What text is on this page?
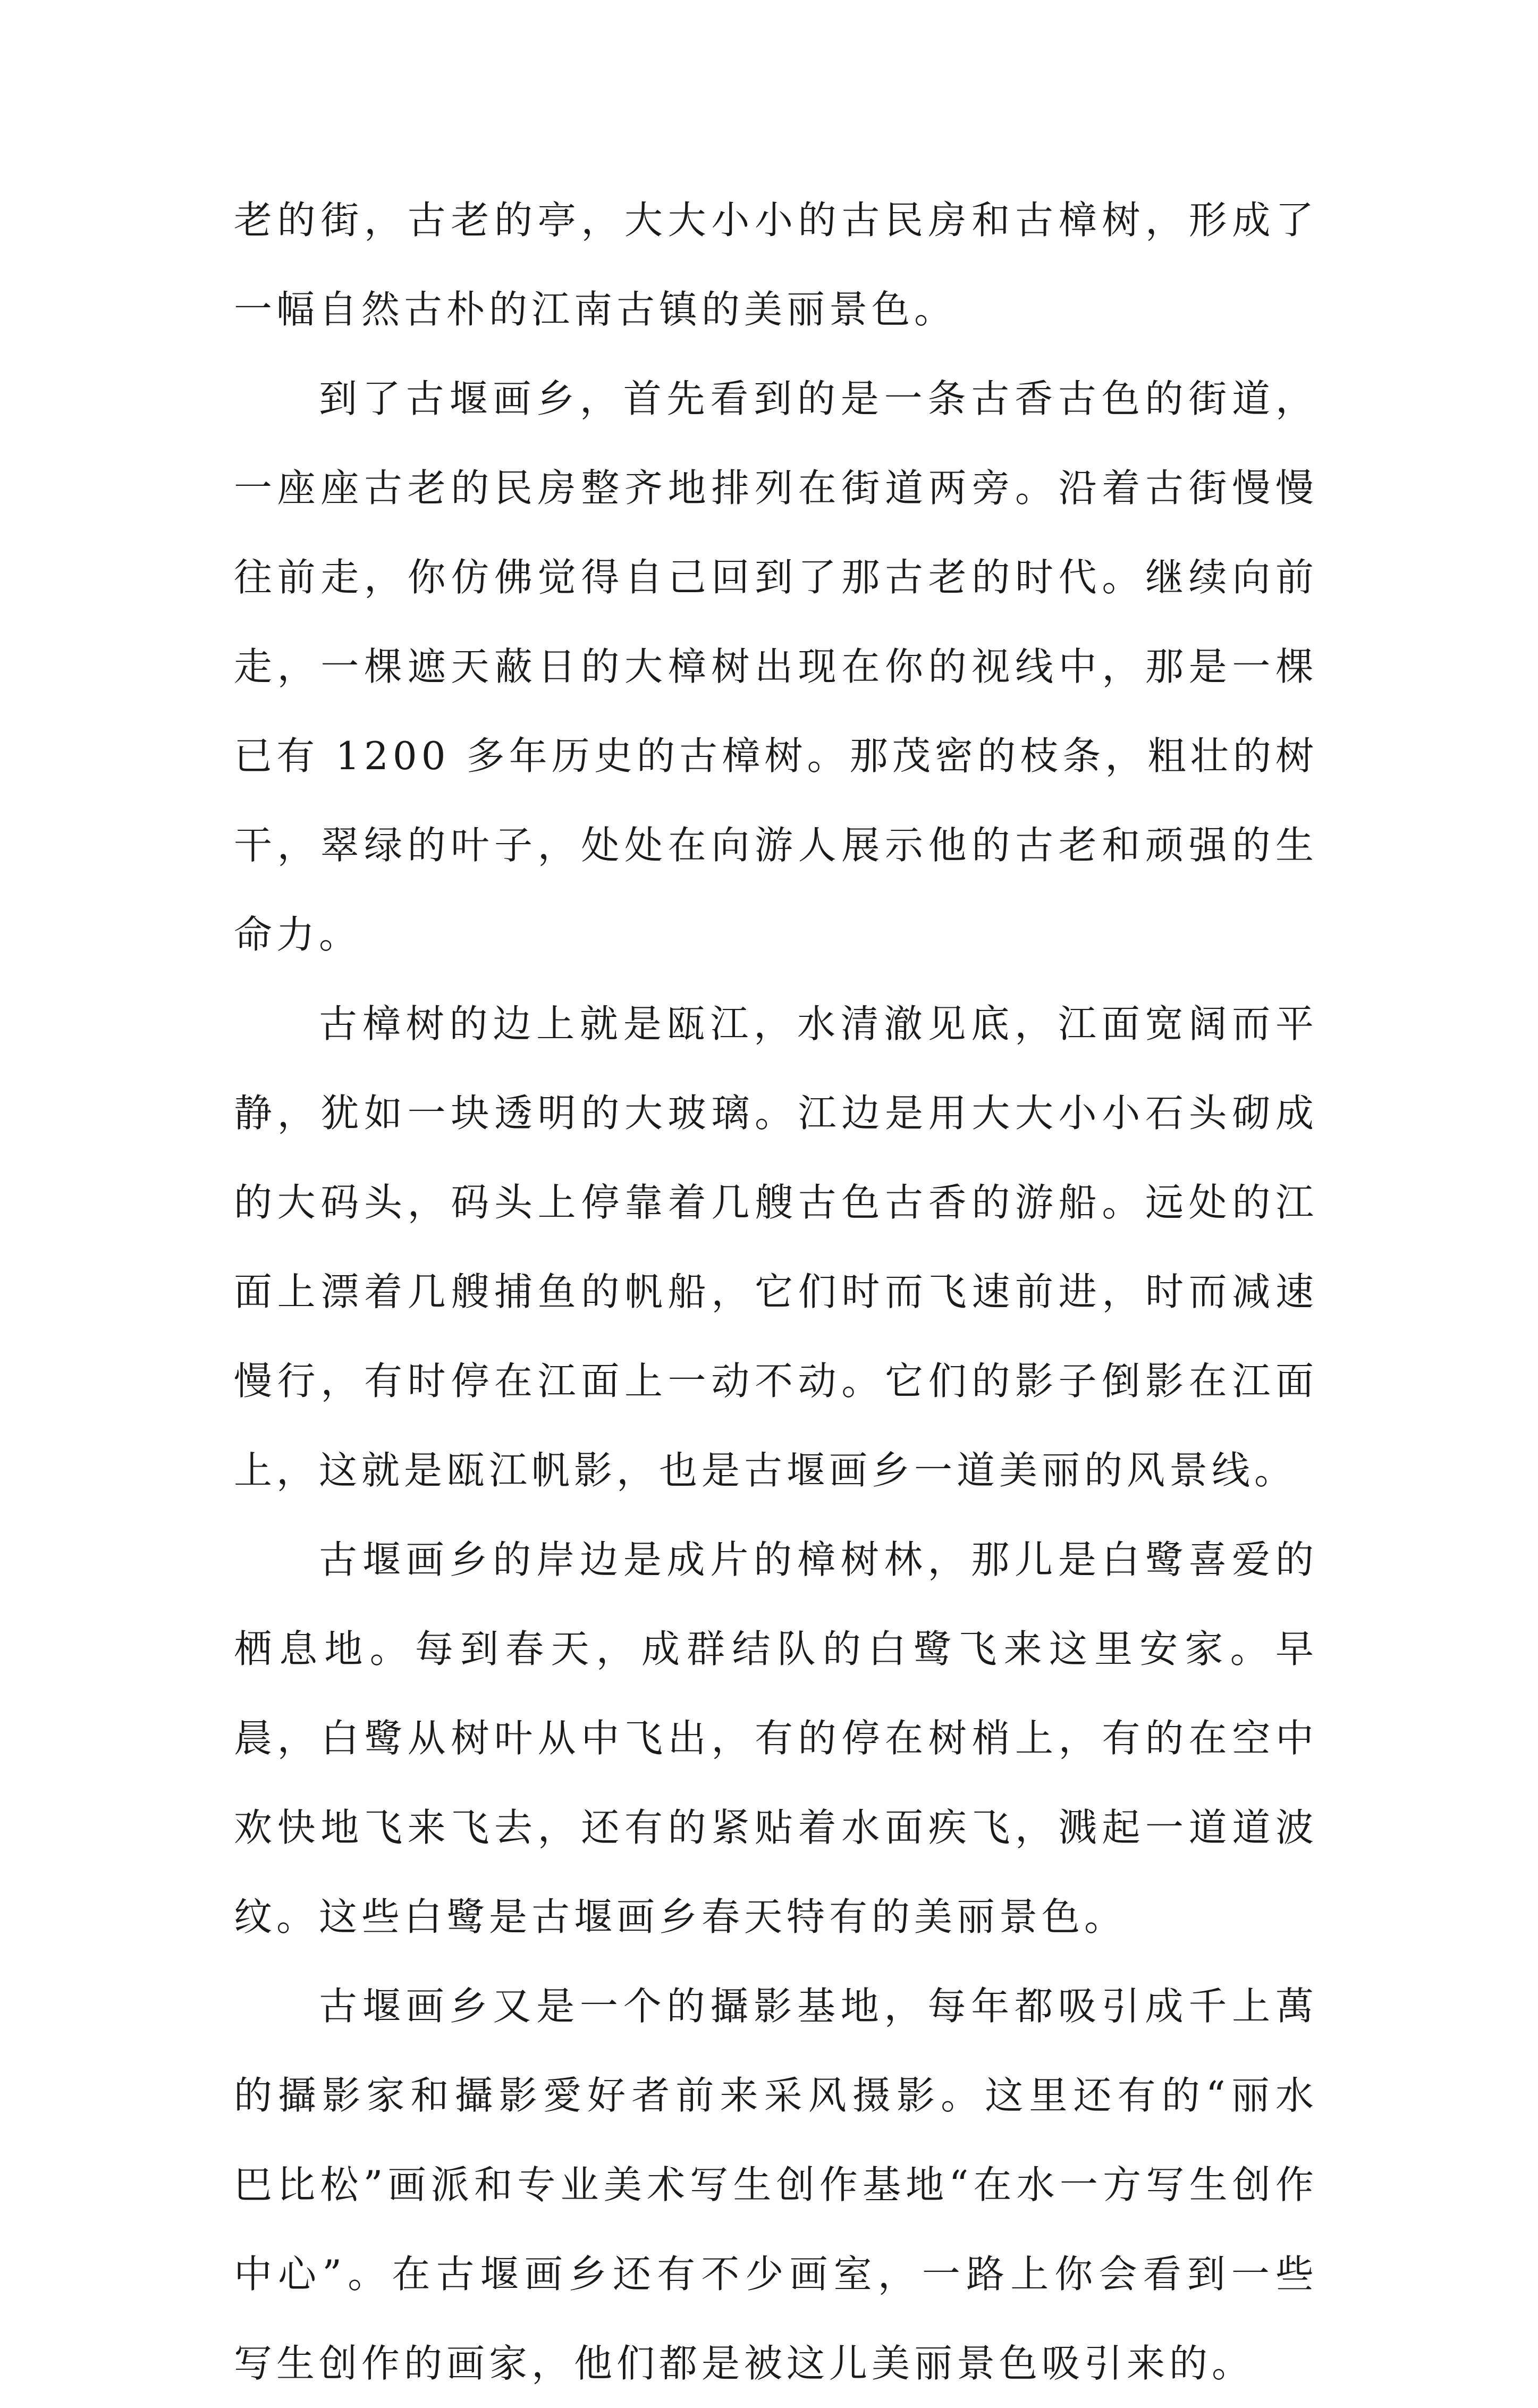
老的街，古老的亭，大大小小的古民房和古樟树，形成了一幅自然古朴的江南古镇的美丽景色。

到了古堰画乡，首先看到的是一条古香古色的街道，一座座古老的民房整齐地排列在街道两旁。沿着古街慢慢往前走，你仿佛觉得自己回到了那古老的时代。继续向前走，一棵遮天蔽日的大樟树出现在你的视线中，那是一棵已有 1200 多年历史的古樟树。那茂密的枝条，粗壮的树干，翠绿的叶子，处处在向游人展示他的古老和顽强的生命力。

古樟树的边上就是瓯江，水清澈见底，江面宽阔而平静，犹如一块透明的大玻璃。江边是用大大小小石头砌成的大码头，码头上停靠着几艘古色古香的游船。远处的江面上漂着几艘捕鱼的帆船，它们时而飞速前进，时而减速慢行，有时停在江面上一动不动。它们的影子倒影在江面上，这就是瓯江帆影，也是古堰画乡一道美丽的风景线。

古堰画乡的岸边是成片的樟树林，那儿是白鹭喜爱的栖息地。每到春天，成群结队的白鹭飞来这里安家。早晨，白鹭从树叶从中飞出，有的停在树梢上，有的在空中欢快地飞来飞去，还有的紧贴着水面疾飞，溅起一道道波纹。这些白鹭是古堰画乡春天特有的美丽景色。

古堰画乡又是一个的攝影基地，每年都吸引成千上萬的攝影家和攝影愛好者前来采风摄影。这里还有的“丽水巴比松”画派和专业美术写生创作基地“在水一方写生创作中心”。在古堰画乡还有不少画室，一路上你会看到一些写生创作的画家，他们都是被这儿美丽景色吸引来的。
